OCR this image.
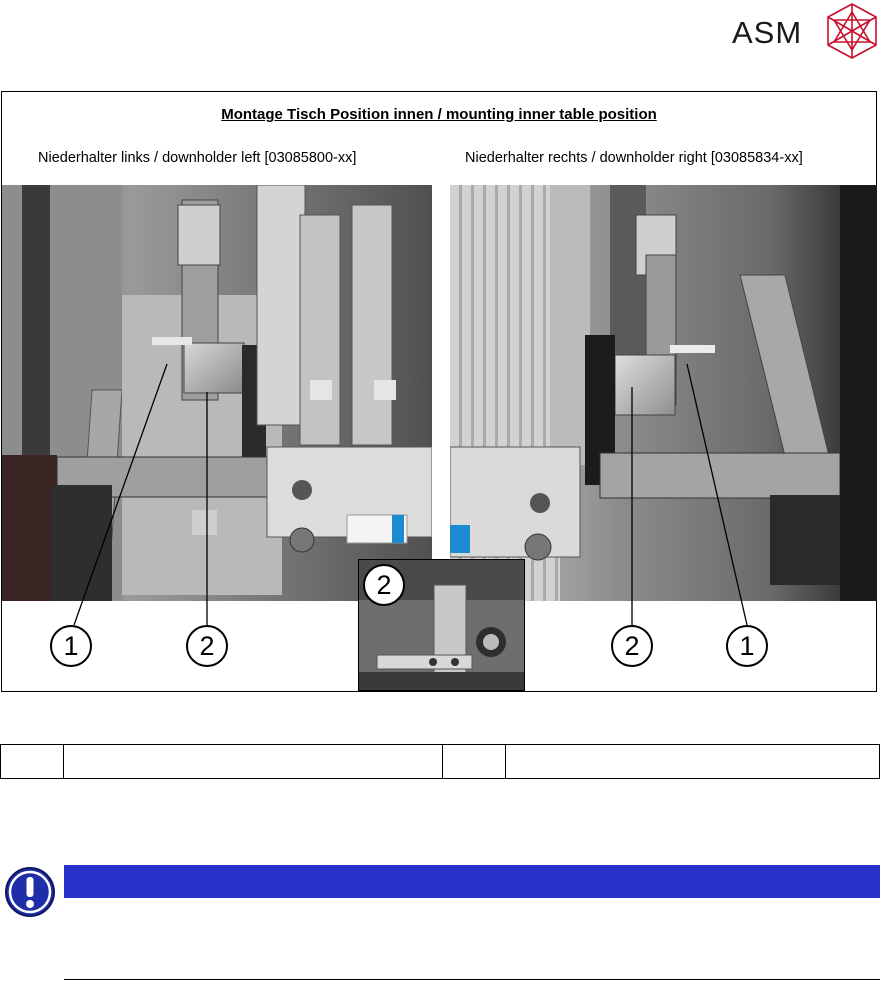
ASM
Montage Tisch Position innen / mounting inner table position
Niederhalter links / downholder left [03085800-xx]	Niederhalter rechts / downholder right [03085834-xx]
1	2
2
2	1
